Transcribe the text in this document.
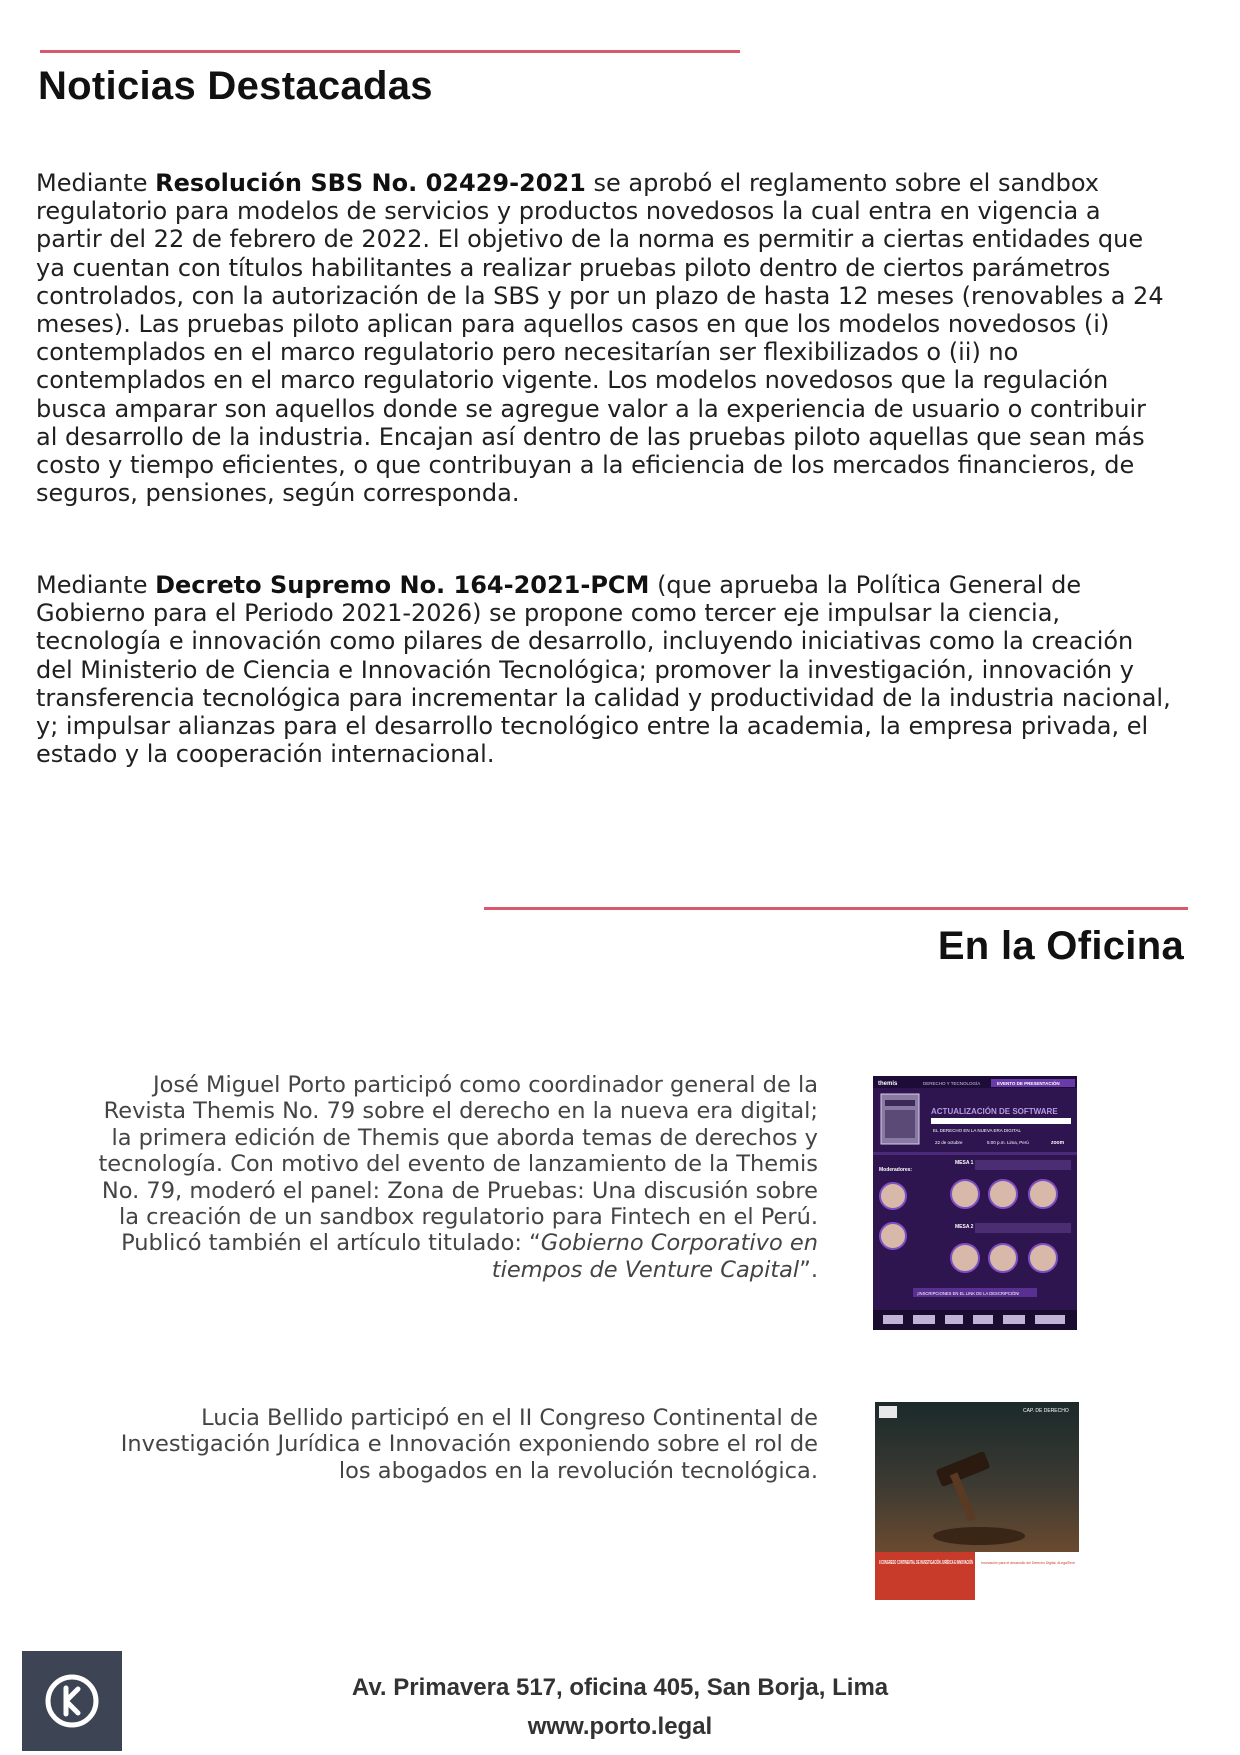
Noticias Destacadas

Mediante Resolución SBS No. 02429-2021 se aprobó el reglamento sobre el sandbox regulatorio para modelos de servicios y productos novedosos la cual entra en vigencia a partir del 22 de febrero de 2022. El objetivo de la norma es permitir a ciertas entidades que ya cuentan con títulos habilitantes a realizar pruebas piloto dentro de ciertos parámetros controlados, con la autorización de la SBS y por un plazo de hasta 12 meses (renovables a 24 meses). Las pruebas piloto aplican para aquellos casos en que los modelos novedosos (i) contemplados en el marco regulatorio pero necesitarían ser flexibilizados o (ii) no contemplados en el marco regulatorio vigente. Los modelos novedosos que la regulación busca amparar son aquellos donde se agregue valor a la experiencia de usuario o contribuir al desarrollo de la industria. Encajan así dentro de las pruebas piloto aquellas que sean más costo y tiempo eficientes, o que contribuyan a la eficiencia de los mercados financieros, de seguros, pensiones, según corresponda.

Mediante Decreto Supremo No. 164-2021-PCM (que aprueba la Política General de Gobierno para el Periodo 2021-2026) se propone como tercer eje impulsar la ciencia, tecnología e innovación como pilares de desarrollo, incluyendo iniciativas como la creación del Ministerio de Ciencia e Innovación Tecnológica; promover la investigación, innovación y transferencia tecnológica para incrementar la calidad y productividad de la industria nacional, y; impulsar alianzas para el desarrollo tecnológico entre la academia, la empresa privada, el estado y la cooperación internacional.

En la Oficina

José Miguel Porto participó como coordinador general de la Revista Themis No. 79 sobre el derecho en la nueva era digital; la primera edición de Themis que aborda temas de derechos y tecnología. Con motivo del evento de lanzamiento de la Themis No. 79, moderó el panel: Zona de Pruebas: Una discusión sobre la creación de un sandbox regulatorio para Fintech en el Perú. Publicó también el artículo titulado: “Gobierno Corporativo en tiempos de Venture Capital”.

Lucia Bellido participó en el II Congreso Continental de Investigación Jurídica e Innovación exponiendo sobre el rol de los abogados en la revolución tecnológica.

themis	DERECHO Y TECNOLOGÍA	EVENTO DE PRESENTACIÓN
ACTUALIZACIÓN DE SOFTWARE
EL DERECHO EN LA NUEVA ERA DIGITAL
22 de octubre	5:00 p.m. Lima, Perú	zoom
Moderadores:
MESA 1
MESA 2
¡INSCRIPCIONES EN EL LINK DE LA DESCRIPCIÓN!
CAP. DE DERECHO
II CONGRESO CONTINENTAL DE INVESTIGACIÓN JURÍDICA E INNOVACIÓN
Innovación para el desarrollo del Derecho Digital, #LegalTech
Av. Primavera 517, oficina 405, San Borja, Lima
www.porto.legal
